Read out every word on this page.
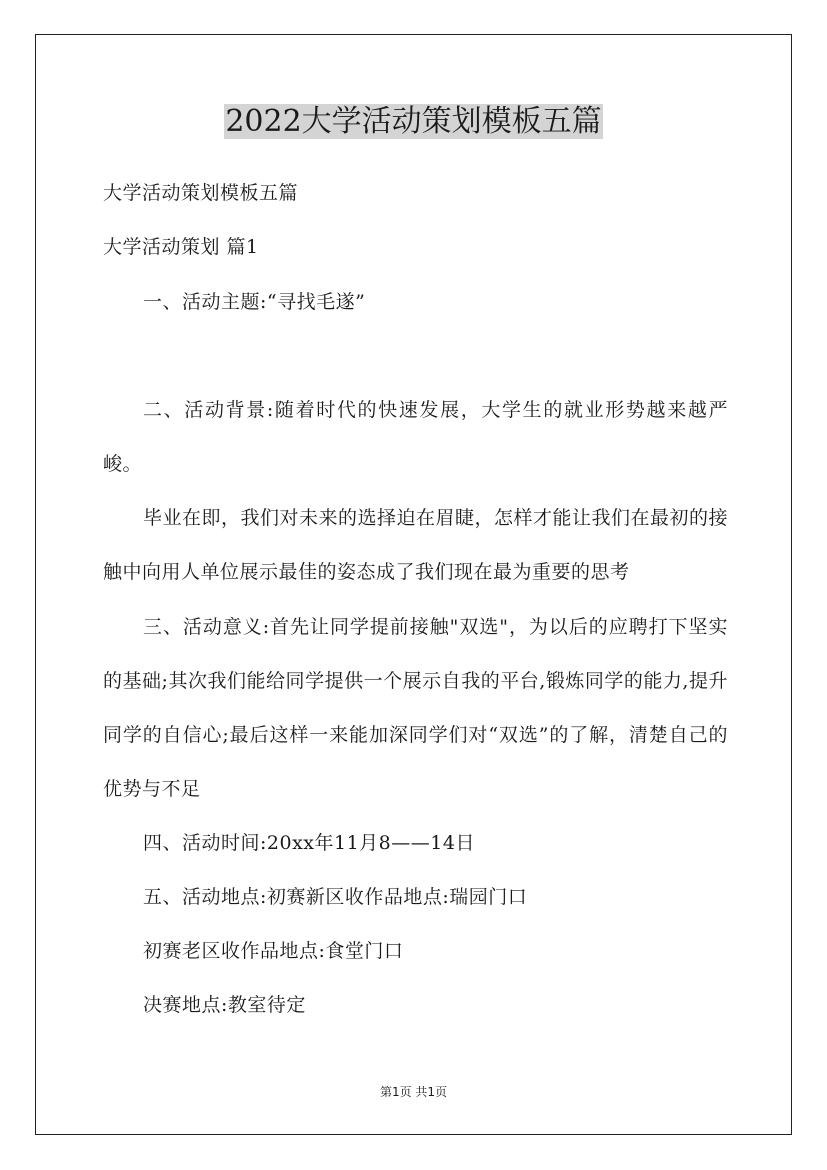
2022大学活动策划模板五篇

大学活动策划模板五篇

大学活动策划 篇1

一、活动主题:“寻找毛遂”

二、活动背景:随着时代的快速发展，大学生的就业形势越来越严峻。

毕业在即，我们对未来的选择迫在眉睫，怎样才能让我们在最初的接触中向用人单位展示最佳的姿态成了我们现在最为重要的思考

三、活动意义:首先让同学提前接触"双选"，为以后的应聘打下坚实的基础;其次我们能给同学提供一个展示自我的平台,锻炼同学的能力,提升同学的自信心;最后这样一来能加深同学们对“双选”的了解，清楚自己的优势与不足

四、活动时间:20xx年11月8——14日

五、活动地点:初赛新区收作品地点:瑞园门口

初赛老区收作品地点:食堂门口

决赛地点:教室待定

第1页 共1页
